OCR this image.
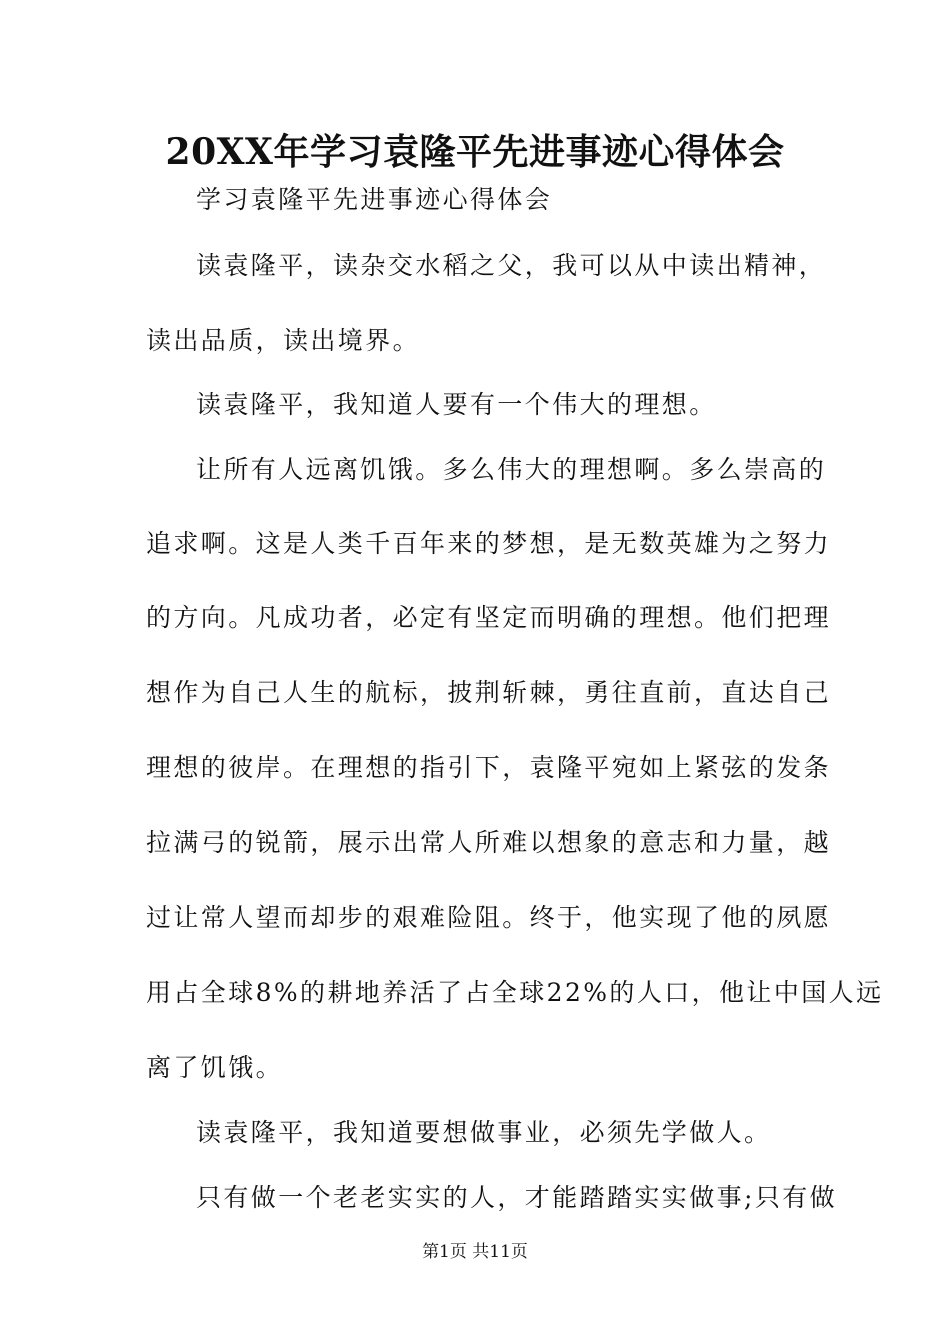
20XX年学习袁隆平先进事迹心得体会
学习袁隆平先进事迹心得体会
读袁隆平，读杂交水稻之父，我可以从中读出精神，
读出品质，读出境界。
读袁隆平，我知道人要有一个伟大的理想。
让所有人远离饥饿。多么伟大的理想啊。多么崇高的
追求啊。这是人类千百年来的梦想，是无数英雄为之努力
的方向。凡成功者，必定有坚定而明确的理想。他们把理
想作为自己人生的航标，披荆斩棘，勇往直前，直达自己
理想的彼岸。在理想的指引下，袁隆平宛如上紧弦的发条
拉满弓的锐箭，展示出常人所难以想象的意志和力量，越
过让常人望而却步的艰难险阻。终于，他实现了他的夙愿
用占全球8%的耕地养活了占全球22%的人口，他让中国人远
离了饥饿。
读袁隆平，我知道要想做事业，必须先学做人。
只有做一个老老实实的人，才能踏踏实实做事;只有做
第1页 共11页
